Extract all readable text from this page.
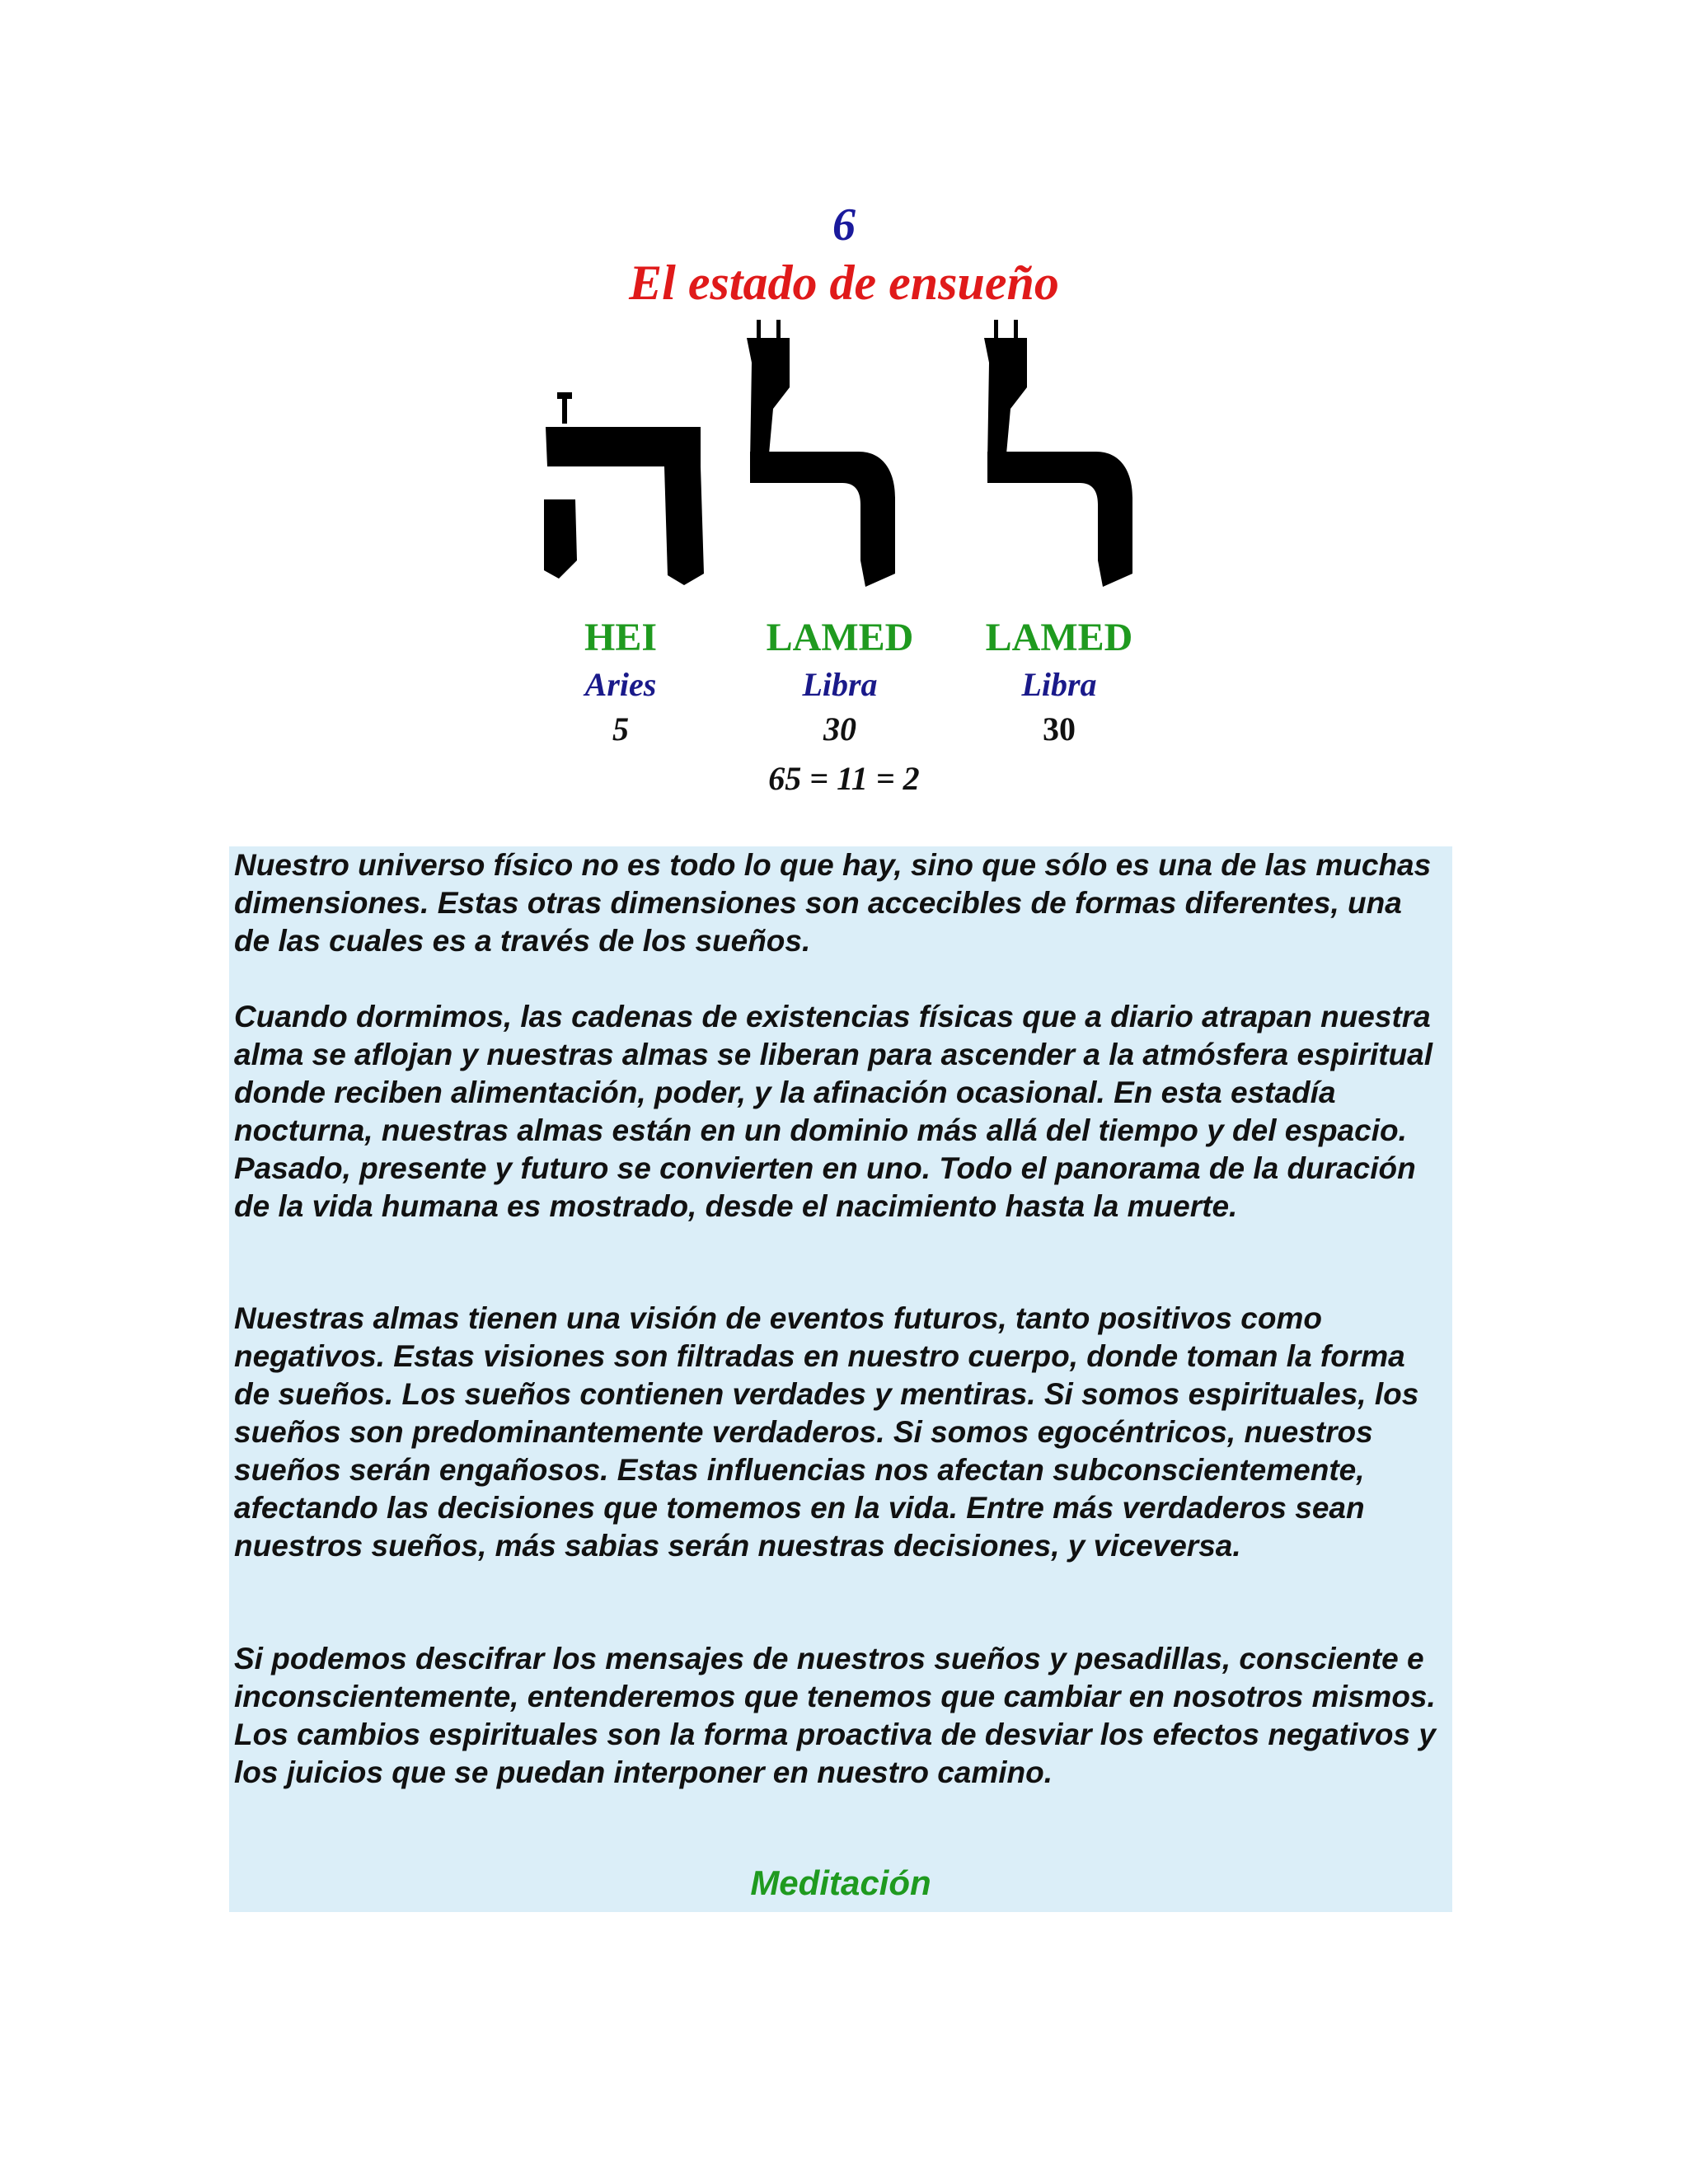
6
El estado de ensueño
HEI
Aries
5
LAMED
Libra
30
LAMED
Libra
30
65 = 11 = 2

Nuestro universo físico no es todo lo que hay, sino que sólo es una de las muchas dimensiones. Estas otras dimensiones son accecibles de formas diferentes, una de las cuales es a través de los sueños.

Cuando dormimos, las cadenas de existencias físicas que a diario atrapan nuestra alma se aflojan y nuestras almas se liberan para ascender a la atmósfera espiritual donde reciben alimentación, poder, y la afinación ocasional. En esta estadía nocturna, nuestras almas están en un dominio más allá del tiempo y del espacio. Pasado, presente y futuro se convierten en uno. Todo el panorama de la duración de la vida humana es mostrado, desde el nacimiento hasta la muerte.

Nuestras almas tienen una visión de eventos futuros, tanto positivos como negativos. Estas visiones son filtradas en nuestro cuerpo, donde toman la forma de sueños. Los sueños contienen verdades y mentiras. Si somos espirituales, los sueños son predominantemente verdaderos. Si somos egocéntricos, nuestros sueños serán engañosos. Estas influencias nos afectan subconscientemente, afectando las decisiones que tomemos en la vida. Entre más verdaderos sean nuestros sueños, más sabias serán nuestras decisiones, y viceversa.

Si podemos descifrar los mensajes de nuestros sueños y pesadillas, consciente e inconscientemente, entenderemos que tenemos que cambiar en nosotros mismos. Los cambios espirituales son la forma proactiva de desviar los efectos negativos y los juicios que se puedan interponer en nuestro camino.

Meditación
